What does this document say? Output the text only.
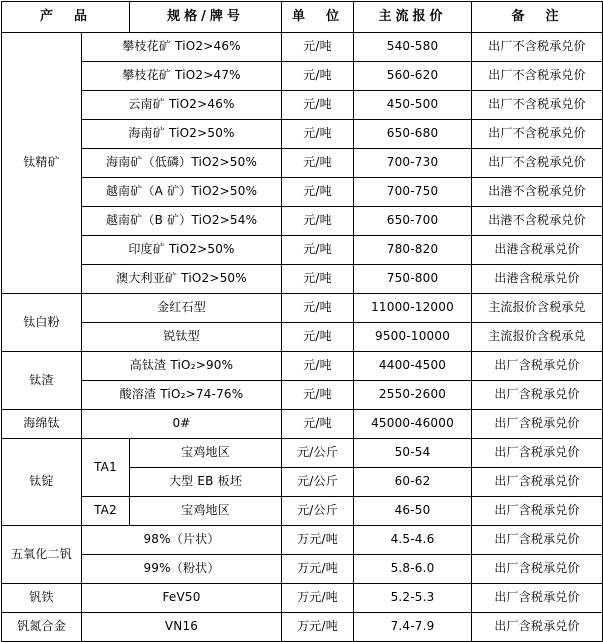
产　品		规格/牌号	单　位	主流报价	备　注
钛精矿	攀枝花矿 TiO2>46%		元/吨	540-580	出厂不含税承兑价
	攀枝花矿 TiO2>47%		元/吨	560-620	出厂不含税承兑价
	云南矿 TiO2>46%		元/吨	450-500	出厂不含税承兑价
	海南矿 TiO2>50%		元/吨	650-680	出厂不含税承兑价
	海南矿（低磷）TiO2>50%		元/吨	700-730	出厂不含税承兑价
	越南矿（A 矿）TiO2>50%		元/吨	700-750	出港不含税承兑价
	越南矿（B 矿）TiO2>54%		元/吨	650-700	出港不含税承兑价
	印度矿 TiO2>50%		元/吨	780-820	出港含税承兑价
	澳大利亚矿 TiO2>50%		元/吨	750-800	出港含税承兑价
钛白粉	金红石型		元/吨	11000-12000	主流报价含税承兑
	锐钛型		元/吨	9500-10000	主流报价含税承兑
钛渣	高钛渣 TiO₂>90%		元/吨	4400-4500	出厂含税承兑价
	酸溶渣 TiO₂>74-76%		元/吨	2550-2600	出厂含税承兑价
海绵钛	0#		元/吨	45000-46000	出厂含税承兑价
钛锭	TA1	宝鸡地区	元/公斤	50-54	出厂含税承兑价
		大型 EB 板坯	元/公斤	60-62	出厂含税承兑价
	TA2	宝鸡地区	元/公斤	46-50	出厂含税承兑价
五氧化二钒	98%（片状）		万元/吨	4.5-4.6	出厂含税承兑价
	99%（粉状）		万元/吨	5.8-6.0	出厂含税承兑价
钒铁	FeV50		万元/吨	5.2-5.3	出厂含税承兑价
钒氮合金	VN16		万元/吨	7.4-7.9	出厂含税承兑价
